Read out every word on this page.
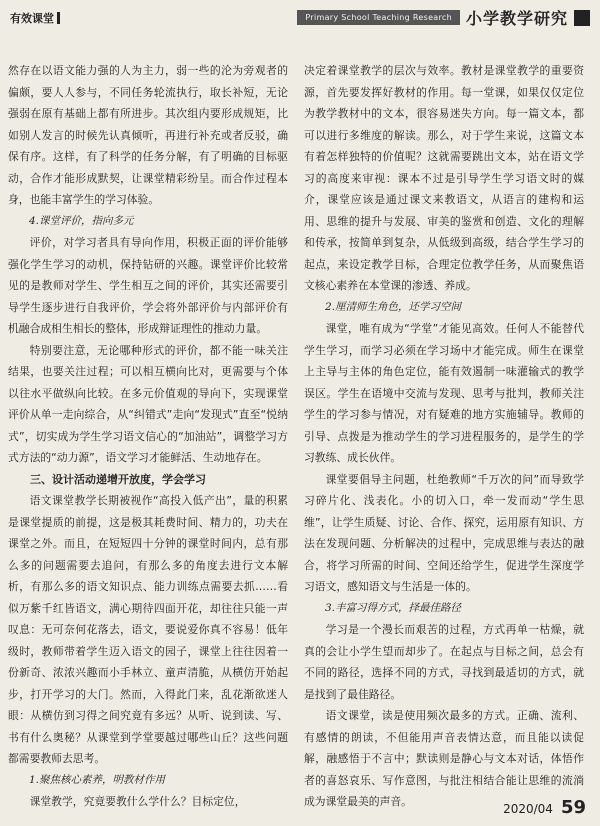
有效课堂	Primary School Teaching Research 小学教学研究

然存在以语文能力强的人为主力，弱一些的沦为旁观者的偏颇，要人人参与，不同任务轮流执行，取长补短，无论强弱在原有基础上都有所进步。其次组内要形成规矩，比如别人发言的时候先认真倾听，再进行补充或者反驳，确保有序。这样，有了科学的任务分解，有了明确的目标驱动，合作才能形成默契，让课堂精彩纷呈。而合作过程本身，也能丰富学生的学习体验。

4.课堂评价，指向多元

评价，对学习者具有导向作用，积极正面的评价能够强化学生学习的动机，保持钻研的兴趣。课堂评价比较常见的是教师对学生、学生相互之间的评价，其实还需要引导学生逐步进行自我评价，学会将外部评价与内部评价有机融合成相生相长的整体，形成辩证理性的推动力量。

特别要注意，无论哪种形式的评价，都不能一味关注结果，也要关注过程；可以相互横向比对，更需要与个体以往水平做纵向比较。在多元价值观的导向下，实现课堂评价从单一走向综合，从“纠错式”走向“发现式”直至“悦纳式”，切实成为学生学习语文信心的“加油站”，调整学习方式方法的“动力源”，语文学习才能鲜活、生动地存在。

三、设计活动递增开放度，学会学习

语文课堂教学长期被视作“高投入低产出”，量的积累是课堂提质的前提，这是极其耗费时间、精力的，功夫在课堂之外。而且，在短短四十分钟的课堂时间内，总有那么多的问题需要去追问，有那么多的角度去进行文本解析，有那么多的语文知识点、能力训练点需要去抓……看似万紫千红皆语文，满心期待四面开花，却往往只能一声叹息：无可奈何花落去，语文，要说爱你真不容易！低年级时，教师带着学生迈入语文的园子，课堂上往往因着一份新奇、浓浓兴趣而小手林立、童声清脆，从横仿开始起步，打开学习的大门。然而，入得此门来，乱花渐欲迷人眼：从横仿到习得之间究竟有多远？从听、说到读、写、书有什么奥秘？从课堂到学堂要越过哪些山丘？这些问题都需要教师去思考。

1.聚焦核心素养，明教材作用

课堂教学，究竟要教什么学什么？目标定位，

决定着课堂教学的层次与效率。教材是课堂教学的重要资源，首先要发挥好教材的作用。每一堂课，如果仅仅定位为教学教材中的文本，很容易迷失方向。每一篇文本，都可以进行多维度的解读。那么，对于学生来说，这篇文本有着怎样独特的价值呢？这就需要跳出文本，站在语文学习的高度来审视：课本不过是引导学生学习语文时的媒介，课堂应该是通过课文来教语文，从语言的建构和运用、思维的提升与发展、审美的鉴赏和创造、文化的理解和传承，按简单到复杂，从低级到高级，结合学生学习的起点，来设定教学目标，合理定位教学任务，从而聚焦语文核心素养在本堂课的渗透、养成。

2.厘清师生角色，还学习空间

课堂，唯有成为“学堂”才能见高效。任何人不能替代学生学习，而学习必须在学习场中才能完成。师生在课堂上主导与主体的角色定位，能有效遏制一味灌输式的教学误区。学生在语境中交流与发现、思考与批判，教师关注学生的学习参与情况，对有疑难的地方实施辅导。教师的引导、点拨是为推动学生的学习进程服务的，是学生的学习教练、成长伙伴。

课堂要倡导主问题，杜绝教师“千万次的问”而导致学习碎片化、浅表化。小的切入口，牵一发而动“学生思维”，让学生质疑、讨论、合作、探究，运用原有知识、方法在发现问题、分析解决的过程中，完成思维与表达的融合，将学习所需的时间、空间还给学生，促进学生深度学习语文，感知语文与生活是一体的。

3.丰富习得方式，择最佳路径

学习是一个漫长而艰苦的过程，方式再单一枯燥，就真的会让小学生望而却步了。在起点与目标之间，总会有不同的路径，选择不同的方式，寻找到最适切的方式，就是找到了最佳路径。

语文课堂，读是使用频次最多的方式。正确、流利、有感情的朗读，不但能用声音表情达意，而且能以读促解，融感悟于不言中；默读则是静心与文本对话，体悟作者的喜怒哀乐、写作意图，与批注相结合能让思维的流淌成为课堂最美的声音。

2020/04 59
